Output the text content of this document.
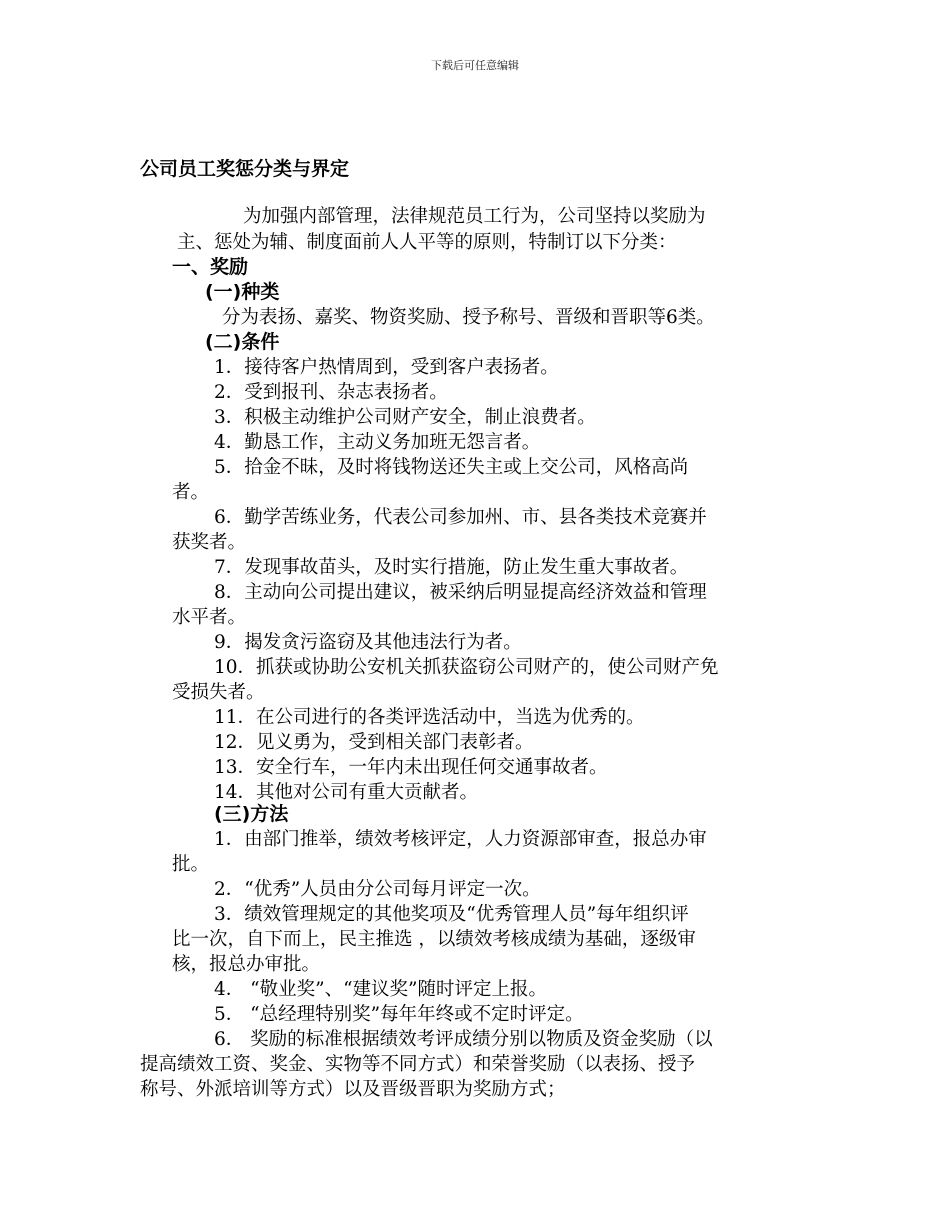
下载后可任意编辑
公司员工奖惩分类与界定
为加强内部管理，法律规范员工行为，公司坚持以奖励为
主、惩处为辅、制度面前人人平等的原则，特制订以下分类：
一、奖励
(一)种类
分为表扬、嘉奖、物资奖励、授予称号、晋级和晋职等6类。
(二)条件
1．接待客户热情周到，受到客户表扬者。
2．受到报刊、杂志表扬者。
3．积极主动维护公司财产安全，制止浪费者。
4．勤恳工作，主动义务加班无怨言者。
5．拾金不昧，及时将钱物送还失主或上交公司，风格高尚
者。
6．勤学苦练业务，代表公司参加州、市、县各类技术竞赛并
获奖者。
7．发现事故苗头，及时实行措施，防止发生重大事故者。
8．主动向公司提出建议，被采纳后明显提高经济效益和管理
水平者。
9．揭发贪污盗窃及其他违法行为者。
10．抓获或协助公安机关抓获盗窃公司财产的，使公司财产免
受损失者。
11．在公司进行的各类评选活动中，当选为优秀的。
12．见义勇为，受到相关部门表彰者。
13．安全行车，一年内未出现任何交通事故者。
14．其他对公司有重大贡献者。
(三)方法
1．由部门推举，绩效考核评定，人力资源部审查，报总办审
批。
2．“优秀”人员由分公司每月评定一次。
3．绩效管理规定的其他奖项及“优秀管理人员”每年组织评
比一次，自下而上，民主推选 ，以绩效考核成绩为基础，逐级审
核，报总办审批。
4． “敬业奖”、“建议奖”随时评定上报。
5． “总经理特别奖”每年年终或不定时评定。
6． 奖励的标准根据绩效考评成绩分别以物质及资金奖励（以
提高绩效工资、奖金、实物等不同方式）和荣誉奖励（以表扬、授予
称号、外派培训等方式）以及晋级晋职为奖励方式；
